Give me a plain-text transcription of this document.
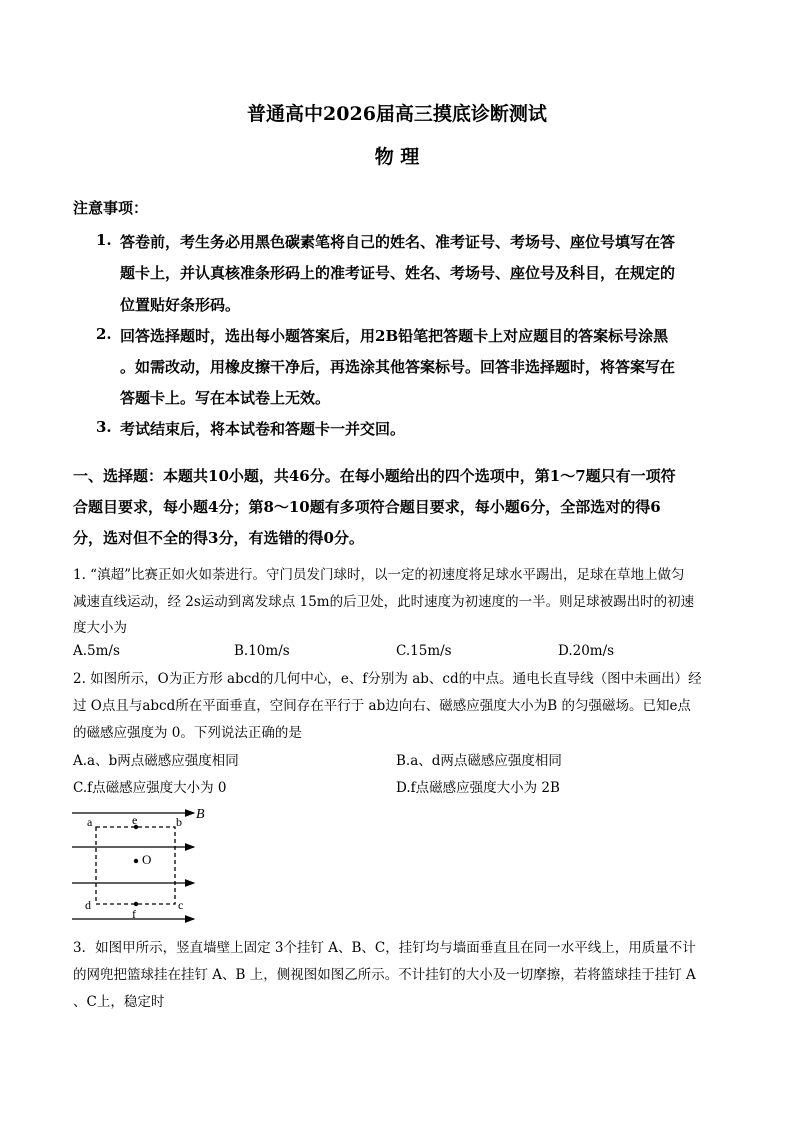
普通高中2026届高三摸底诊断测试
物 理
注意事项：
1. 答卷前，考生务必用黑色碳素笔将自己的姓名、准考证号、考场号、座位号填写在答
题卡上，并认真核准条形码上的准考证号、姓名、考场号、座位号及科目，在规定的
位置贴好条形码。
2. 回答选择题时，选出每小题答案后，用2B铅笔把答题卡上对应题目的答案标号涂黑
。如需改动，用橡皮擦干净后，再选涂其他答案标号。回答非选择题时，将答案写在
答题卡上。写在本试卷上无效。
3. 考试结束后，将本试卷和答题卡一并交回。
一、选择题：本题共10小题，共46分。在每小题给出的四个选项中，第1～7题只有一项符
合题目要求，每小题4分；第8～10题有多项符合题目要求，每小题6分，全部选对的得6
分，选对但不全的得3分，有选错的得0分。
1. “滇超”比赛正如火如荼进行。守门员发门球时，以一定的初速度将足球水平踢出，足球在草地上做匀
减速直线运动，经 2s运动到离发球点 15m的后卫处，此时速度为初速度的一半。则足球被踢出时的初速
度大小为
A.5m/s	B.10m/s	C.15m/s	D.20m/s
2. 如图所示，O为正方形 abcd的几何中心，e、f分别为 ab、cd的中点。通电长直导线（图中未画出）经
过 O点且与abcd所在平面垂直，空间存在平行于 ab边向右、磁感应强度大小为B 的匀强磁场。已知e点
的磁感应强度为 0。下列说法正确的是
A.a、b两点磁感应强度相同	B.a、d两点磁感应强度相同
C.f点磁感应强度大小为 0	D.f点磁感应强度大小为 2B
B
a	e	b
O
d
f
c
3．如图甲所示，竖直墙壁上固定 3个挂钉 A、B、C，挂钉均与墙面垂直且在同一水平线上，用质量不计
的网兜把篮球挂在挂钉 A、B 上，侧视图如图乙所示。不计挂钉的大小及一切摩擦，若将篮球挂于挂钉 A
、C上，稳定时
